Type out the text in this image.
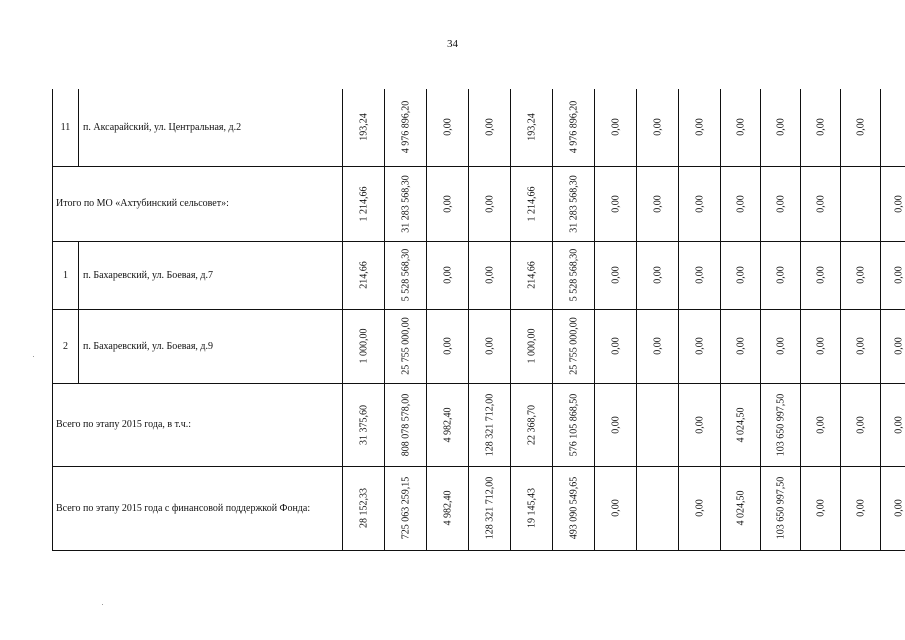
34
11	п. Аксарайский, ул. Центральная, д.2	193,24	4 976 896,20	0,00	0,00	193,24	4 976 896,20	0,00	0,00	0,00	0,00	0,00	0,00	0,00	

Итого по МО «Ахтубинский сельсовет»:		1 214,66	31 283 568,30	0,00	0,00	1 214,66	31 283 568,30	0,00	0,00	0,00	0,00	0,00	0,00		0,00

1	п. Бахаревский, ул. Боевая, д.7	214,66	5 528 568,30	0,00	0,00	214,66	5 528 568,30	0,00	0,00	0,00	0,00	0,00	0,00	0,00	0,00

2	п. Бахаревский, ул. Боевая, д.9	1 000,00	25 755 000,00	0,00	0,00	1 000,00	25 755 000,00	0,00	0,00	0,00	0,00	0,00	0,00	0,00	0,00

Всего по этапу 2015 года, в т.ч.:		31 375,60	808 078 578,00	4 982,40	128 321 712,00	22 368,70	576 105 868,50	0,00		0,00	4 024,50	103 650 997,50	0,00	0,00	0,00

Всего по этапу 2015 года с финансовой поддержкой Фонда:		28 152,33	725 063 259,15	4 982,40	128 321 712,00	19 145,43	493 090 549,65	0,00		0,00	4 024,50	103 650 997,50	0,00	0,00	0,00
